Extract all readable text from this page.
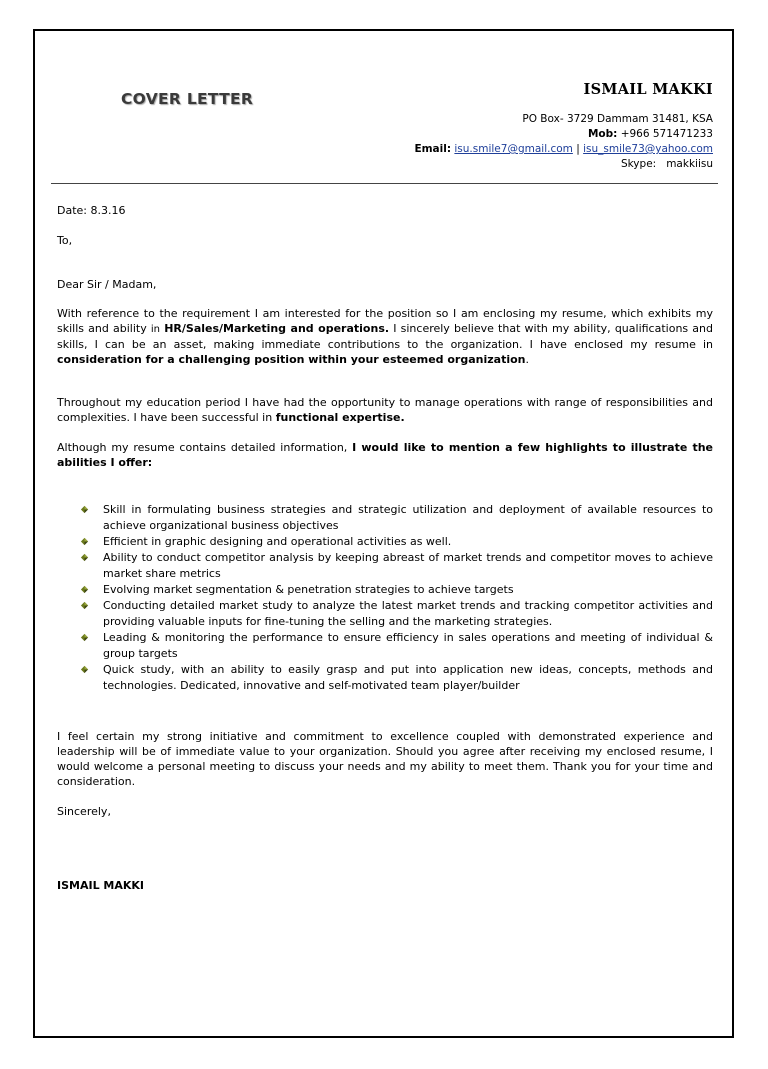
COVER LETTER
ISMAIL MAKKI
PO Box- 3729 Dammam 31481, KSA
Mob: +966 571471233
Email: isu.smile7@gmail.com | isu_smile73@yahoo.com
Skype: makkiisu
Date: 8.3.16
To,
Dear Sir / Madam,
With reference to the requirement I am interested for the position so I am enclosing my resume, which exhibits my skills and ability in HR/Sales/Marketing and operations. I sincerely believe that with my ability, qualifications and skills, I can be an asset, making immediate contributions to the organization. I have enclosed my resume in consideration for a challenging position within your esteemed organization.
Throughout my education period I have had the opportunity to manage operations with range of responsibilities and complexities. I have been successful in functional expertise.
Although my resume contains detailed information, I would like to mention a few highlights to illustrate the abilities I offer:
Skill in formulating business strategies and strategic utilization and deployment of available resources to achieve organizational business objectives
Efficient in graphic designing and operational activities as well.
Ability to conduct competitor analysis by keeping abreast of market trends and competitor moves to achieve market share metrics
Evolving market segmentation & penetration strategies to achieve targets
Conducting detailed market study to analyze the latest market trends and tracking competitor activities and providing valuable inputs for fine-tuning the selling and the marketing strategies.
Leading & monitoring the performance to ensure efficiency in sales operations and meeting of individual & group targets
Quick study, with an ability to easily grasp and put into application new ideas, concepts, methods and technologies. Dedicated, innovative and self-motivated team player/builder
I feel certain my strong initiative and commitment to excellence coupled with demonstrated experience and leadership will be of immediate value to your organization. Should you agree after receiving my enclosed resume, I would welcome a personal meeting to discuss your needs and my ability to meet them. Thank you for your time and consideration.
Sincerely,
ISMAIL MAKKI
